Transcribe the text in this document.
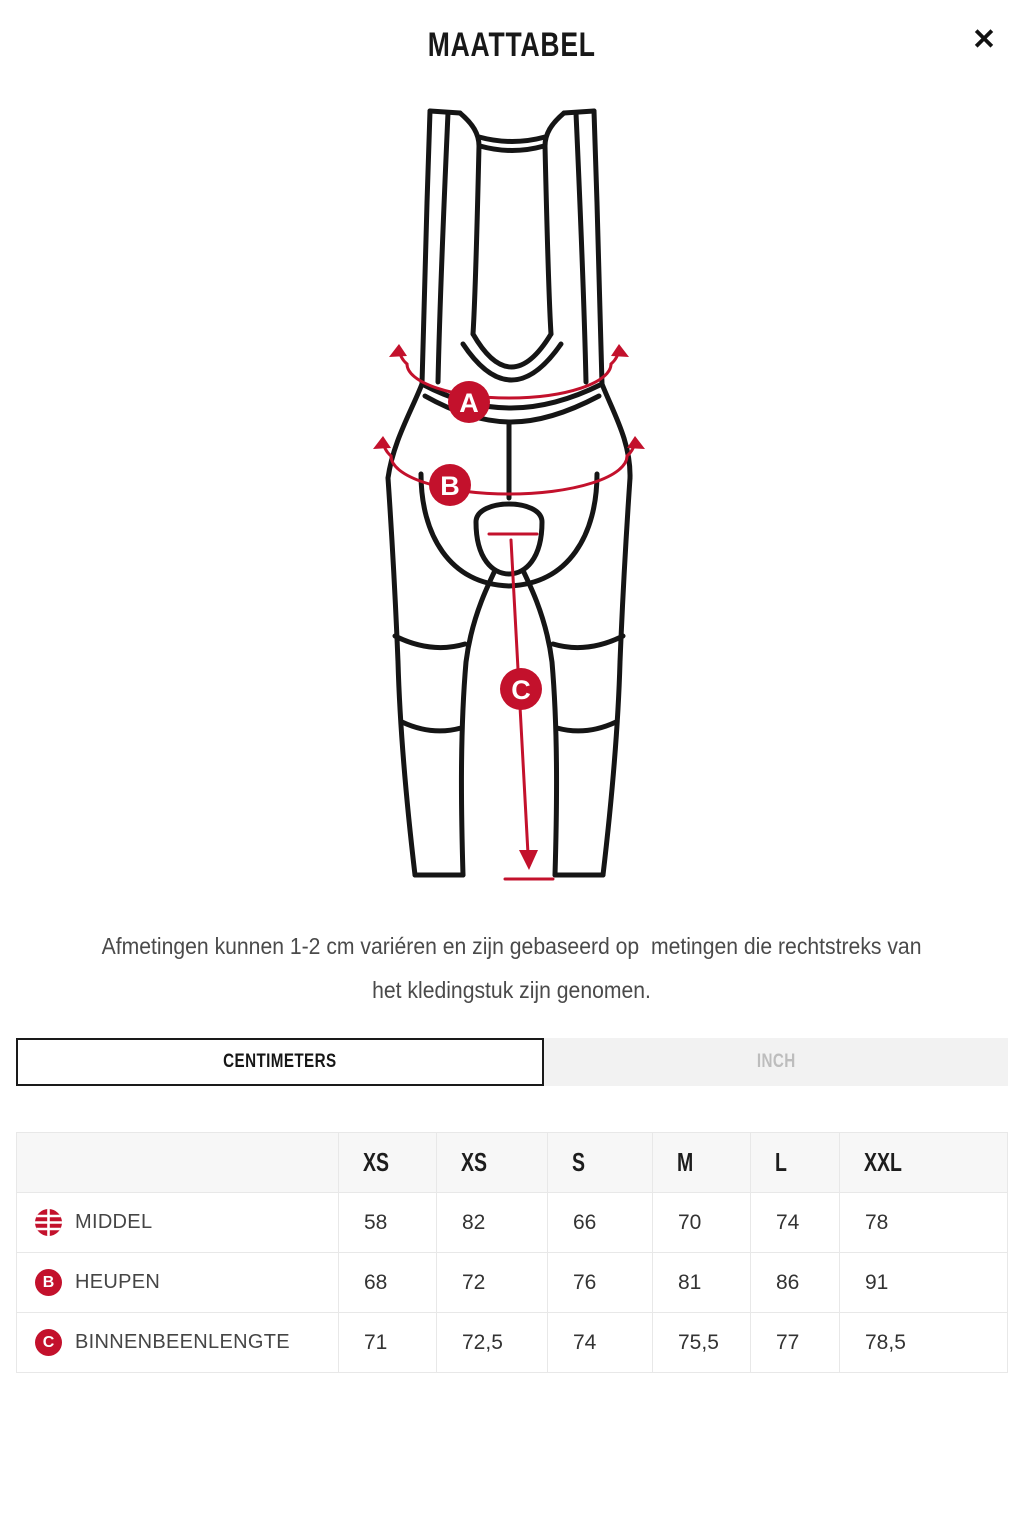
MAATTABEL	✕
A
B
C
Afmetingen kunnen 1-2 cm variéren en zijn gebaseerd op  metingen die rechtstreks van
het kledingstuk zijn genomen.
CENTIMETERS	INCH
	XS	XS	S	M	L	XXL

MIDDEL	58	82	66	70	74	78

B HEUPEN	68	72	76	81	86	91

C BINNENBEENLENGTE	71	72,5	74	75,5	77	78,5
